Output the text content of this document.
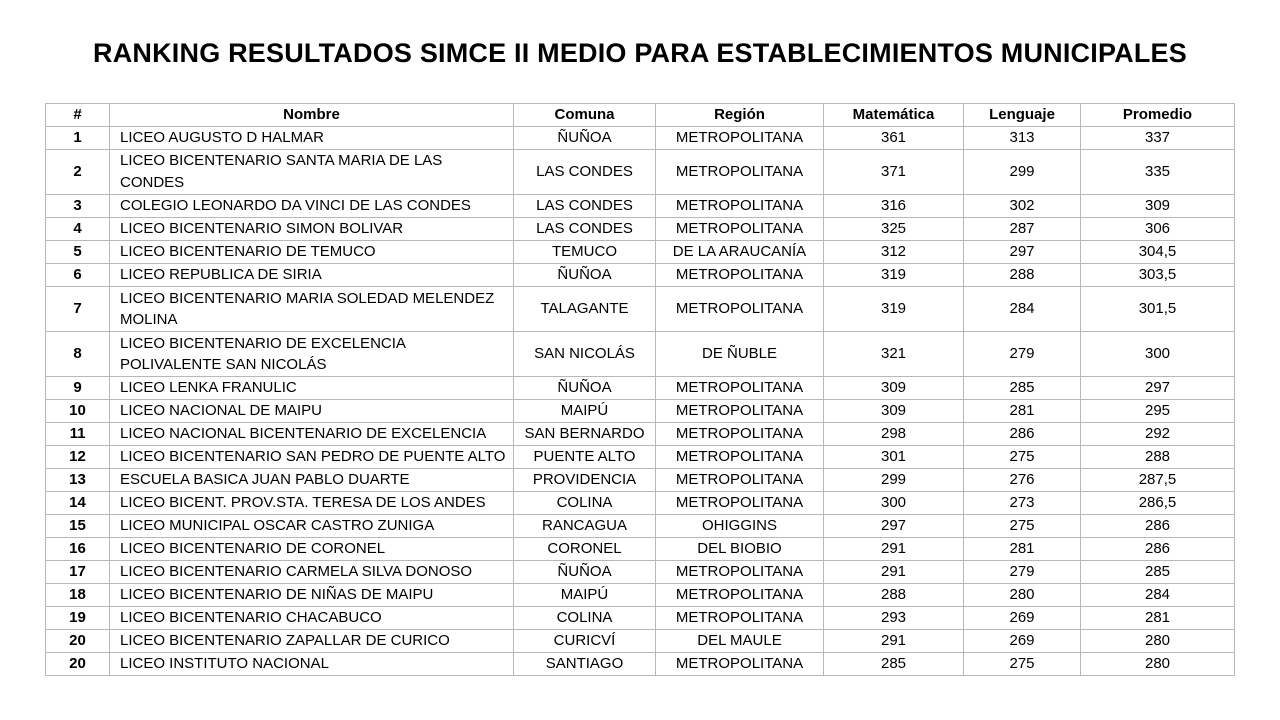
RANKING RESULTADOS SIMCE II MEDIO PARA ESTABLECIMIENTOS MUNICIPALES
#	Nombre	Comuna	Región	Matemática	Lenguaje	Promedio
1	LICEO AUGUSTO D HALMAR	ÑUÑOA	METROPOLITANA	361	313	337
2	LICEO BICENTENARIO SANTA MARIA DE LAS CONDES	LAS CONDES	METROPOLITANA	371	299	335
3	COLEGIO LEONARDO DA VINCI DE LAS CONDES	LAS CONDES	METROPOLITANA	316	302	309
4	LICEO BICENTENARIO SIMON BOLIVAR	LAS CONDES	METROPOLITANA	325	287	306
5	LICEO BICENTENARIO DE TEMUCO	TEMUCO	DE LA ARAUCANÍA	312	297	304,5
6	LICEO REPUBLICA DE SIRIA	ÑUÑOA	METROPOLITANA	319	288	303,5
7	LICEO BICENTENARIO MARIA SOLEDAD MELENDEZ MOLINA	TALAGANTE	METROPOLITANA	319	284	301,5
8	LICEO BICENTENARIO DE EXCELENCIA POLIVALENTE SAN NICOLÁS	SAN NICOLÁS	DE ÑUBLE	321	279	300
9	LICEO LENKA FRANULIC	ÑUÑOA	METROPOLITANA	309	285	297
10	LICEO NACIONAL DE MAIPU	MAIPÚ	METROPOLITANA	309	281	295
11	LICEO NACIONAL BICENTENARIO DE EXCELENCIA	SAN BERNARDO	METROPOLITANA	298	286	292
12	LICEO BICENTENARIO SAN PEDRO DE PUENTE ALTO	PUENTE ALTO	METROPOLITANA	301	275	288
13	ESCUELA BASICA JUAN PABLO DUARTE	PROVIDENCIA	METROPOLITANA	299	276	287,5
14	LICEO BICENT. PROV.STA. TERESA DE LOS ANDES	COLINA	METROPOLITANA	300	273	286,5
15	LICEO MUNICIPAL OSCAR CASTRO ZUNIGA	RANCAGUA	OHIGGINS	297	275	286
16	LICEO BICENTENARIO DE CORONEL	CORONEL	DEL BIOBIO	291	281	286
17	LICEO BICENTENARIO CARMELA SILVA DONOSO	ÑUÑOA	METROPOLITANA	291	279	285
18	LICEO BICENTENARIO DE NIÑAS DE MAIPU	MAIPÚ	METROPOLITANA	288	280	284
19	LICEO BICENTENARIO CHACABUCO	COLINA	METROPOLITANA	293	269	281
20	LICEO BICENTENARIO ZAPALLAR DE CURICO	CURICVÍ	DEL MAULE	291	269	280
20	LICEO INSTITUTO NACIONAL	SANTIAGO	METROPOLITANA	285	275	280
